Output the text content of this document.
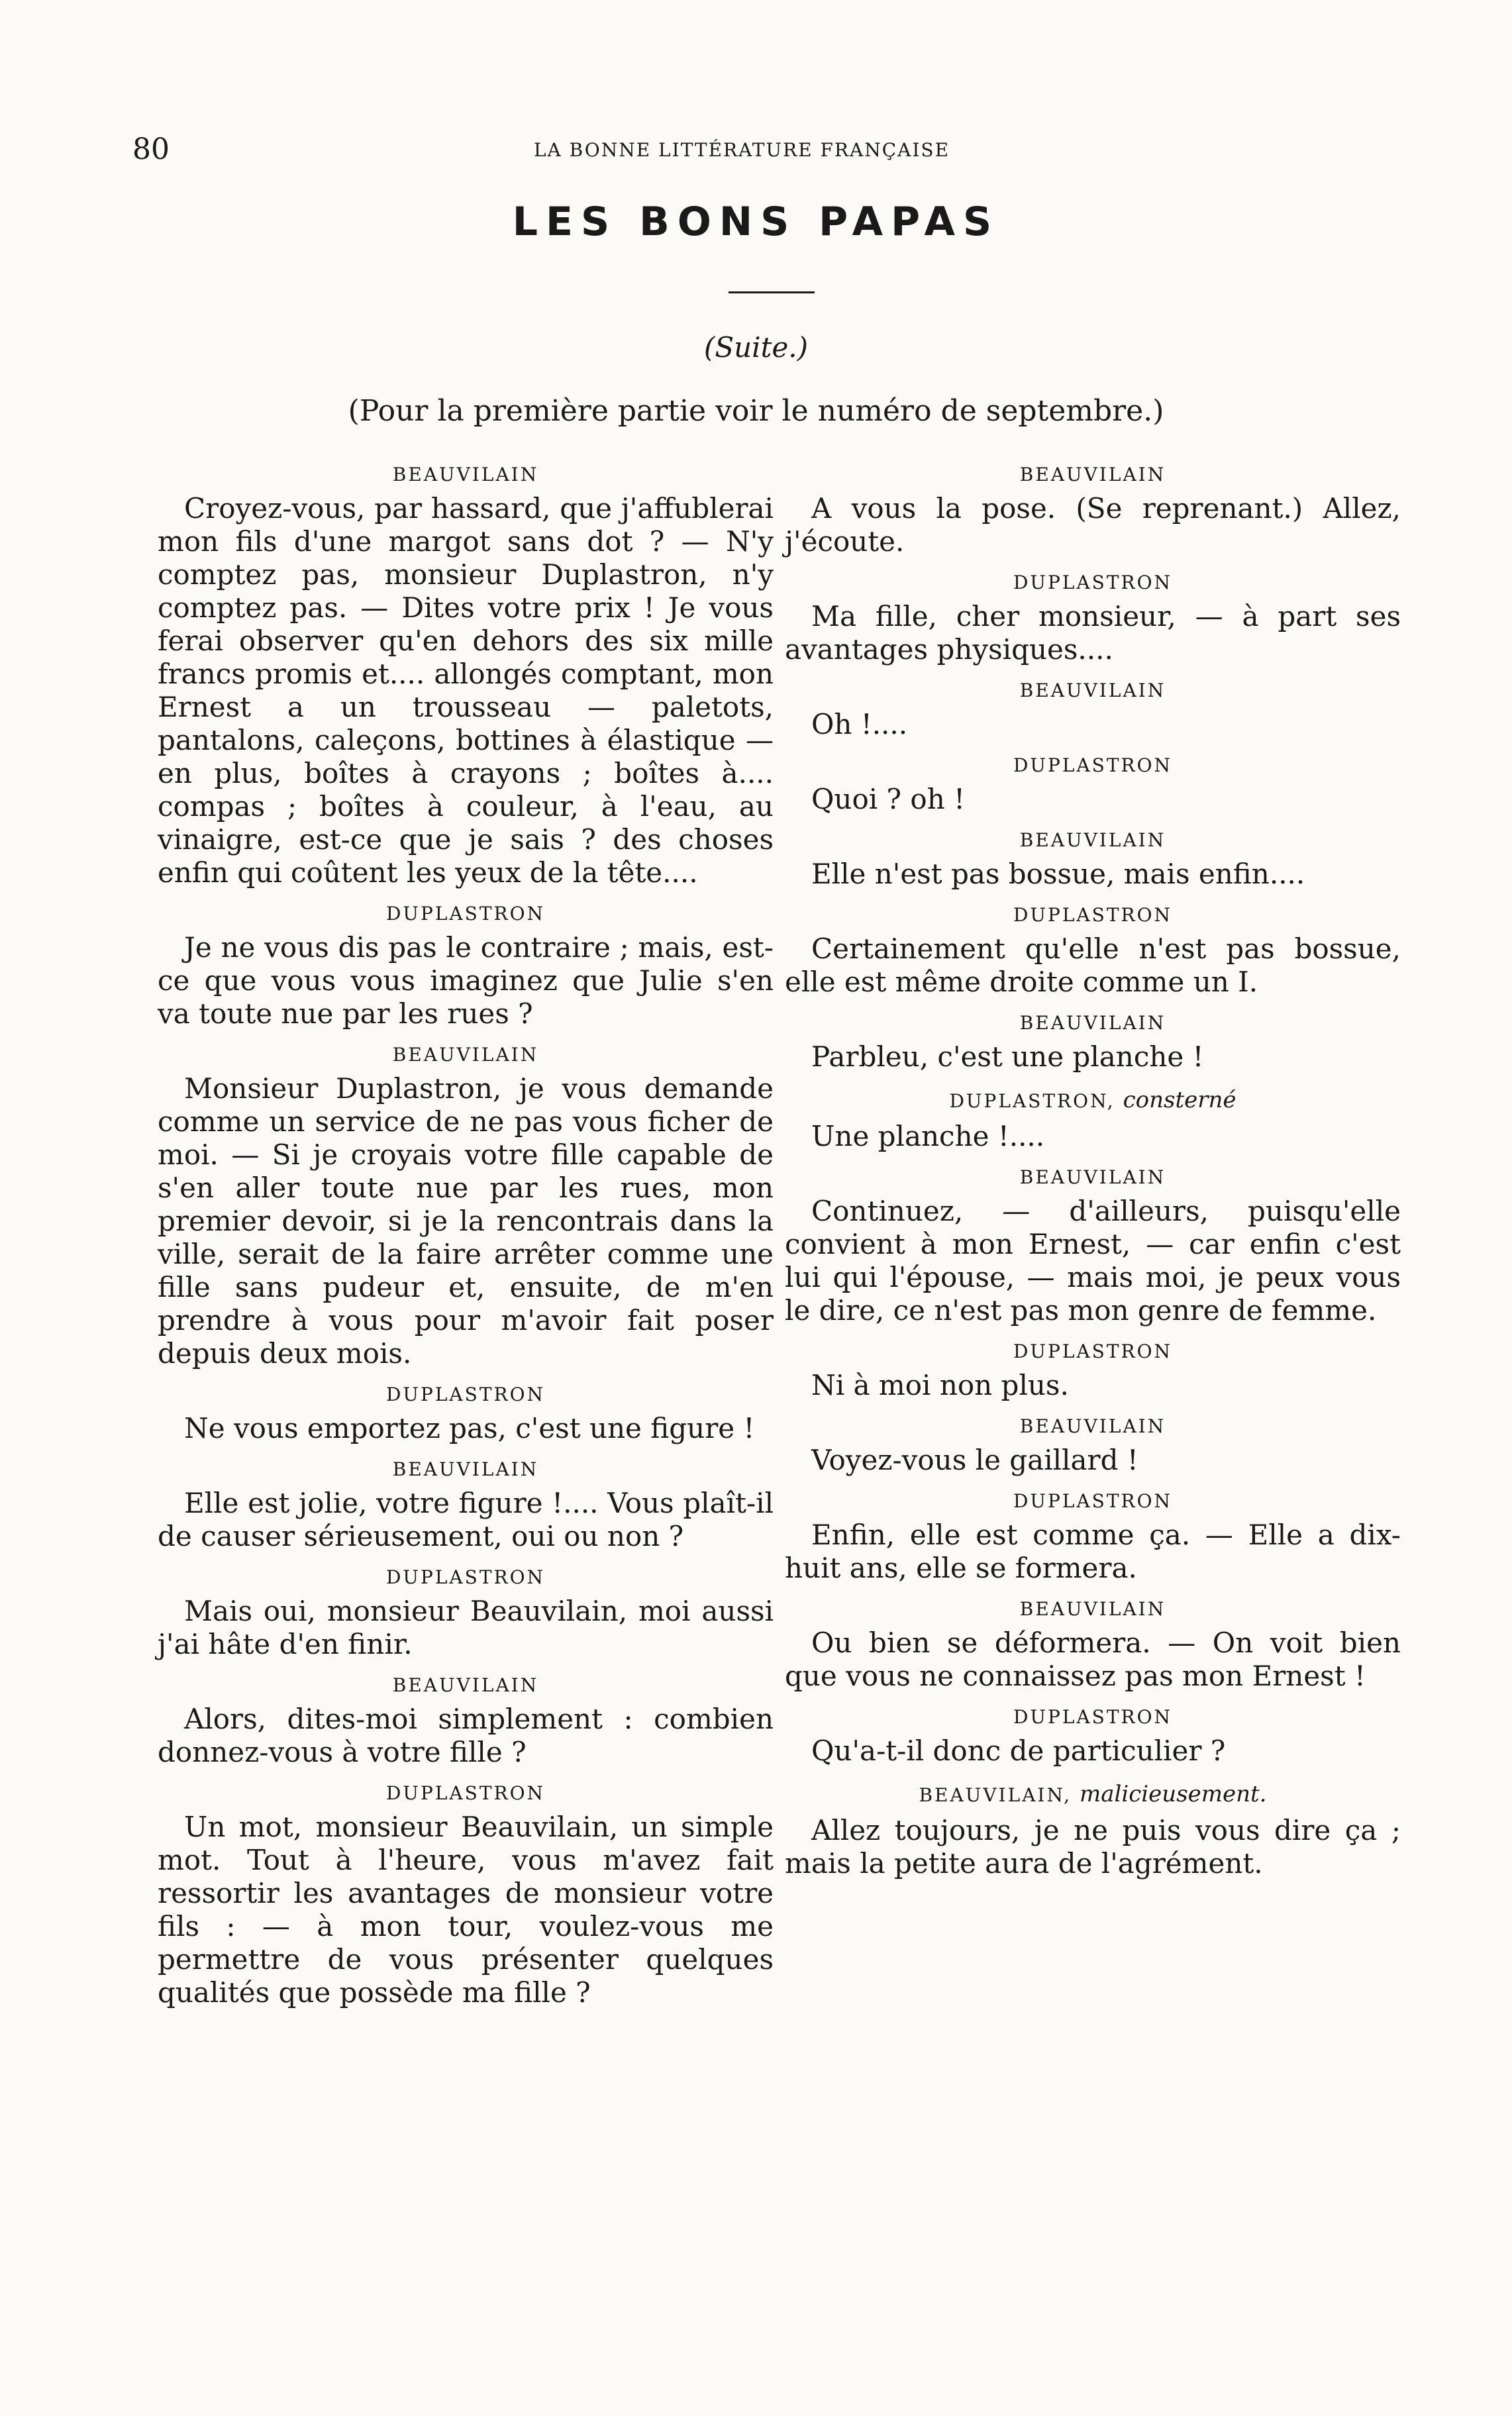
80	LA BONNE LITTÉRATURE FRANÇAISE
LES BONS PAPAS
(Suite.)
(Pour la première partie voir le numéro de septembre.)
BEAUVILAIN

Croyez-vous, par hassard, que j'affublerai mon fils d'une margot sans dot ? — N'y comptez pas, monsieur Duplastron, n'y comptez pas. — Dites votre prix ! Je vous ferai observer qu'en dehors des six mille francs promis et.... allongés comptant, mon Ernest a un trousseau — paletots, pantalons, caleçons, bottines à élastique — en plus, boîtes à crayons ; boîtes à.... compas ; boîtes à couleur, à l'eau, au vinaigre, est-ce que je sais ? des choses enfin qui coûtent les yeux de la tête....

DUPLASTRON

Je ne vous dis pas le contraire ; mais, est-ce que vous vous imaginez que Julie s'en va toute nue par les rues ?

BEAUVILAIN

Monsieur Duplastron, je vous demande comme un service de ne pas vous ficher de moi. — Si je croyais votre fille capable de s'en aller toute nue par les rues, mon premier devoir, si je la rencontrais dans la ville, serait de la faire arrêter comme une fille sans pudeur et, ensuite, de m'en prendre à vous pour m'avoir fait poser depuis deux mois.

DUPLASTRON

Ne vous emportez pas, c'est une figure !

BEAUVILAIN

Elle est jolie, votre figure !.... Vous plaît-il de causer sérieusement, oui ou non ?

DUPLASTRON

Mais oui, monsieur Beauvilain, moi aussi j'ai hâte d'en finir.

BEAUVILAIN

Alors, dites-moi simplement : combien donnez-vous à votre fille ?

DUPLASTRON

Un mot, monsieur Beauvilain, un simple mot. Tout à l'heure, vous m'avez fait ressortir les avantages de monsieur votre fils : — à mon tour, voulez-vous me permettre de vous présenter quelques qualités que possède ma fille ?

BEAUVILAIN

A vous la pose. (Se reprenant.) Allez, j'écoute.

DUPLASTRON

Ma fille, cher monsieur, — à part ses avantages physiques....

BEAUVILAIN

Oh !....

DUPLASTRON

Quoi ? oh !

BEAUVILAIN

Elle n'est pas bossue, mais enfin....

DUPLASTRON

Certainement qu'elle n'est pas bossue, elle est même droite comme un I.

BEAUVILAIN

Parbleu, c'est une planche !

DUPLASTRON, consterné

Une planche !....

BEAUVILAIN

Continuez, — d'ailleurs, puisqu'elle convient à mon Ernest, — car enfin c'est lui qui l'épouse, — mais moi, je peux vous le dire, ce n'est pas mon genre de femme.

DUPLASTRON

Ni à moi non plus.

BEAUVILAIN

Voyez-vous le gaillard !

DUPLASTRON

Enfin, elle est comme ça. — Elle a dix-huit ans, elle se formera.

BEAUVILAIN

Ou bien se déformera. — On voit bien que vous ne connaissez pas mon Ernest !

DUPLASTRON

Qu'a-t-il donc de particulier ?

BEAUVILAIN, malicieusement.

Allez toujours, je ne puis vous dire ça ; mais la petite aura de l'agrément.
